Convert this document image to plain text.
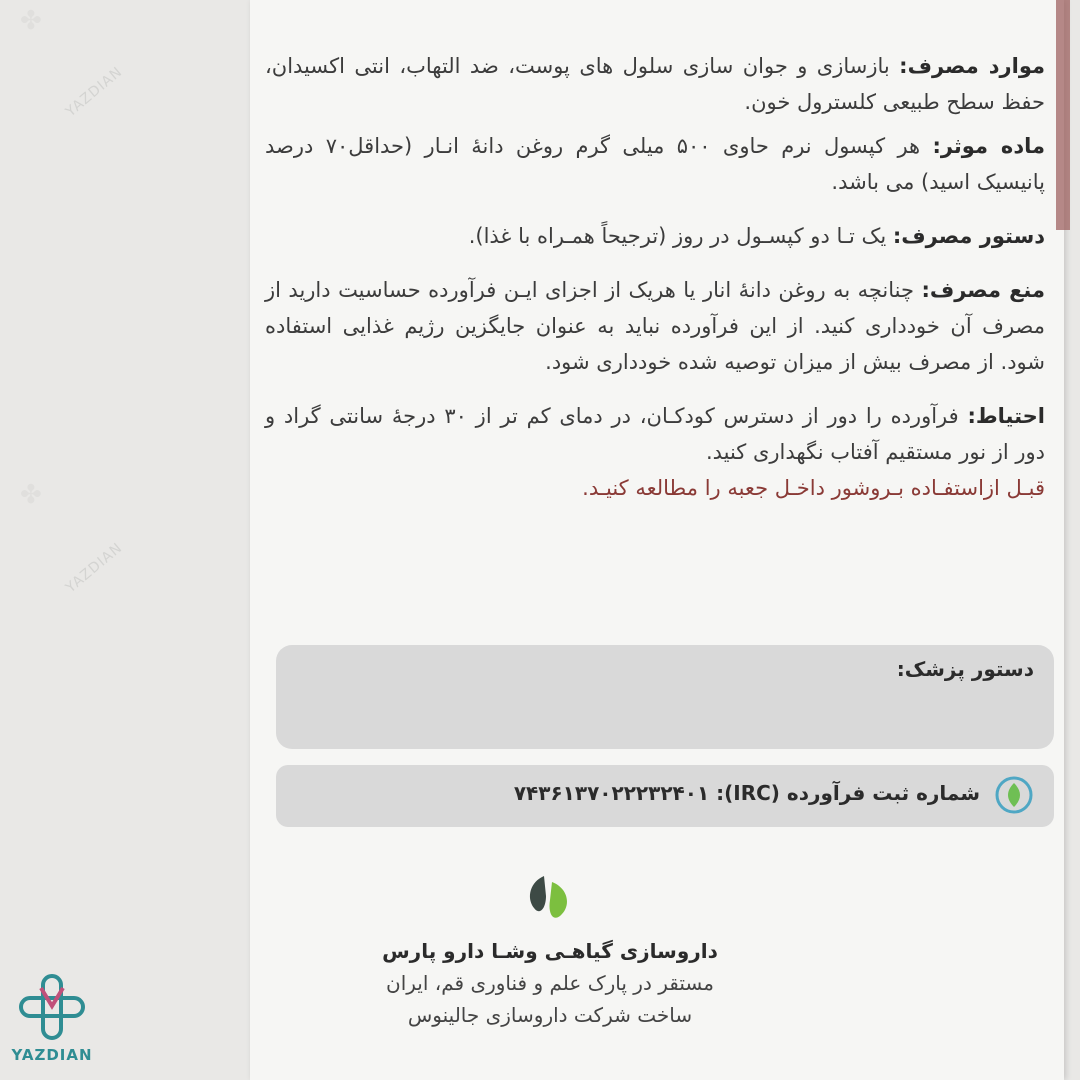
✤
✤
YAZDIAN
YAZDIAN
موارد مصرف: بازسازی و جوان سازی سلول های پوست، ضد التهاب، انتی اکسیدان، حفظ سطح طبیعی کلسترول خون.
ماده موثر: هر کپسول نرم حاوی ۵۰۰ میلی گرم روغن دانهٔ انـار (حداقل۷۰ درصد پانیسیک اسید) می باشد.
دستور مصرف: یک تـا دو کپسـول در روز (ترجیحاً همـراه با غذا).
منع مصرف: چنانچه به روغن دانهٔ انار یا هریک از اجزای ایـن فرآورده حساسیت دارید از مصرف آن خودداری کنید. از این فرآورده نباید به عنوان جایگزین رژیم غذایی استفاده شود. از مصرف بیش از میزان توصیه شده خودداری شود.
احتیاط: فرآورده را دور از دسترس کودکـان، در دمای کم تر از ۳۰ درجهٔ سانتی گراد و دور از نور مستقیم آفتاب نگهداری کنید.
قبـل ازاستفـاده بـروشور داخـل جعبه را مطالعه کنیـد.
دستور پزشک:
شماره ثبت فرآورده (IRC): ۷۴۳۶۱۳۷۰۲۲۲۳۲۴۰۱
داروسازی گیاهـی وشـا دارو پارس
مستقر در پارک علم و فناوری قم، ایران
ساخت شرکت داروسازی جالینوس
YAZDIAN
